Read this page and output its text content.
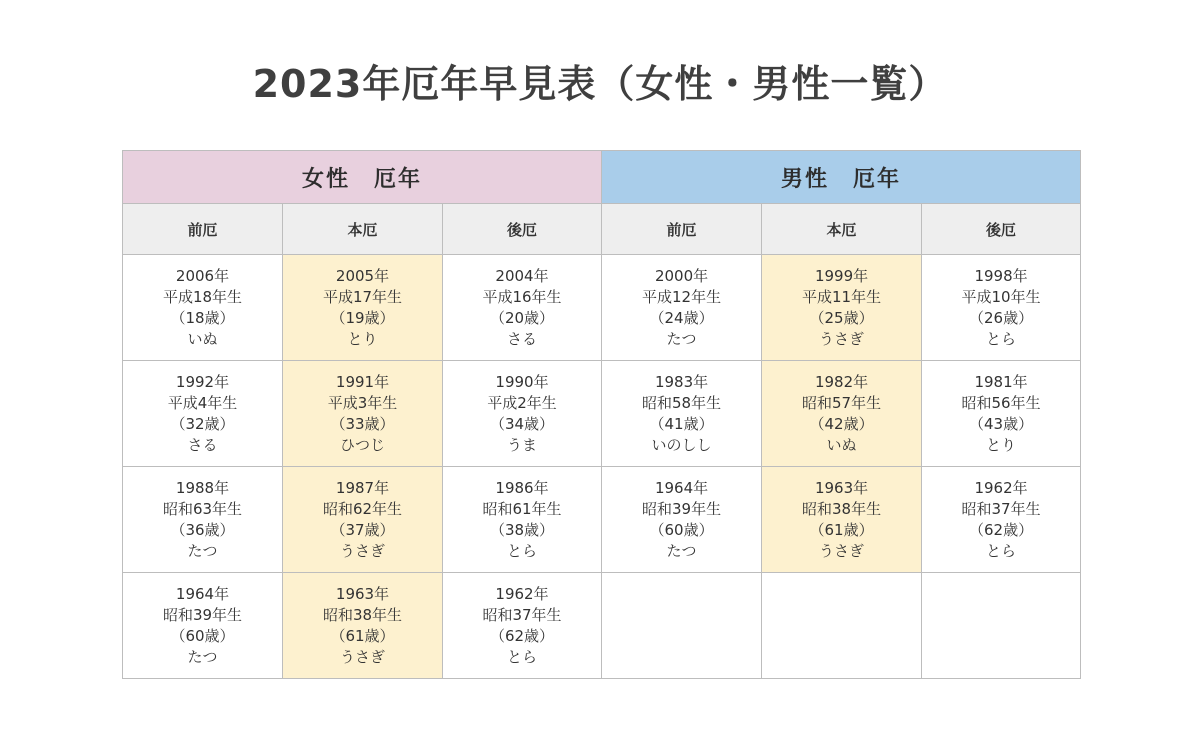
2023年厄年早見表（女性・男性一覧）
女性　厄年			男性　厄年		
前厄	本厄	後厄	前厄	本厄	後厄

2006年
平成18年生
（18歳）
いぬ	2005年
平成17年生
（19歳）
とり	2004年
平成16年生
（20歳）
さる	2000年
平成12年生
（24歳）
たつ	1999年
平成11年生
（25歳）
うさぎ	1998年
平成10年生
（26歳）
とら

1992年
平成4年生
（32歳）
さる	1991年
平成3年生
（33歳）
ひつじ	1990年
平成2年生
（34歳）
うま	1983年
昭和58年生
（41歳）
いのしし	1982年
昭和57年生
（42歳）
いぬ	1981年
昭和56年生
（43歳）
とり

1988年
昭和63年生
（36歳）
たつ	1987年
昭和62年生
（37歳）
うさぎ	1986年
昭和61年生
（38歳）
とら	1964年
昭和39年生
（60歳）
たつ	1963年
昭和38年生
（61歳）
うさぎ	1962年
昭和37年生
（62歳）
とら

1964年
昭和39年生
（60歳）
たつ	1963年
昭和38年生
（61歳）
うさぎ	1962年
昭和37年生
（62歳）
とら			
